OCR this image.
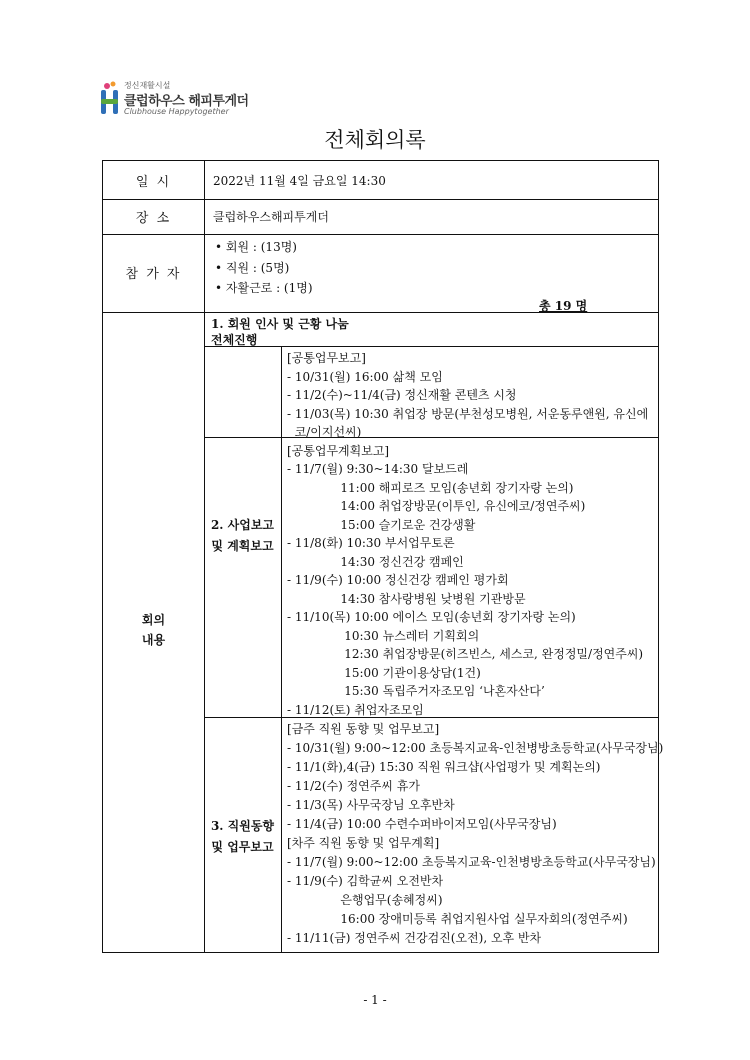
정신재활시설
클럽하우스 해피투게더
Clubhouse Happytogether
전체회의록
일 시	2022년 11월 4일 금요일 14:30
장 소	클럽하우스해피투게더
참 가 자
• 회원 : (13명)
• 직원 : (5명)
• 자활근로 : (1명)
총 19 명
회의
내용
1. 회원 인사 및 근황 나눔
전체진행
2. 사업보고
및 계획보고
[공통업무보고]
- 10/31(월) 16:00 삶책 모임
- 11/2(수)~11/4(금) 정신재활 콘텐츠 시청
- 11/03(목) 10:30 취업장 방문(부천성모병원, 서운동루앤원, 유신에
코/이지선씨)
[공통업무계획보고]
- 11/7(월) 9:30~14:30 달보드레
11:00 해피로즈 모임(송년회 장기자랑 논의)
14:00 취업장방문(이투인, 유신에코/정연주씨)
15:00 슬기로운 건강생활
- 11/8(화) 10:30 부서업무토론
14:30 정신건강 캠페인
- 11/9(수) 10:00 정신건강 캠페인 평가회
14:30 참사랑병원 낮병원 기관방문
- 11/10(목) 10:00 에이스 모임(송년회 장기자랑 논의)
10:30 뉴스레터 기획회의
12:30 취업장방문(히즈빈스, 세스코, 완정정밀/정연주씨)
15:00 기관이용상담(1건)
15:30 독립주거자조모임 ‘나혼자산다’
- 11/12(토) 취업자조모임
3. 직원동향
및 업무보고
[금주 직원 동향 및 업무보고]
- 10/31(월) 9:00~12:00 초등복지교육-인천병방초등학교(사무국장님)
- 11/1(화),4(금) 15:30 직원 워크샵(사업평가 및 계획논의)
- 11/2(수) 정연주씨 휴가
- 11/3(목) 사무국장님 오후반차
- 11/4(금) 10:00 수련수퍼바이저모임(사무국장님)
[차주 직원 동향 및 업무계획]
- 11/7(월) 9:00~12:00 초등복지교육-인천병방초등학교(사무국장님)
- 11/9(수) 김학균씨 오전반차
은행업무(송혜정씨)
16:00 장애미등록 취업지원사업 실무자회의(정연주씨)
- 11/11(금) 정연주씨 건강검진(오전), 오후 반차
- 1 -
